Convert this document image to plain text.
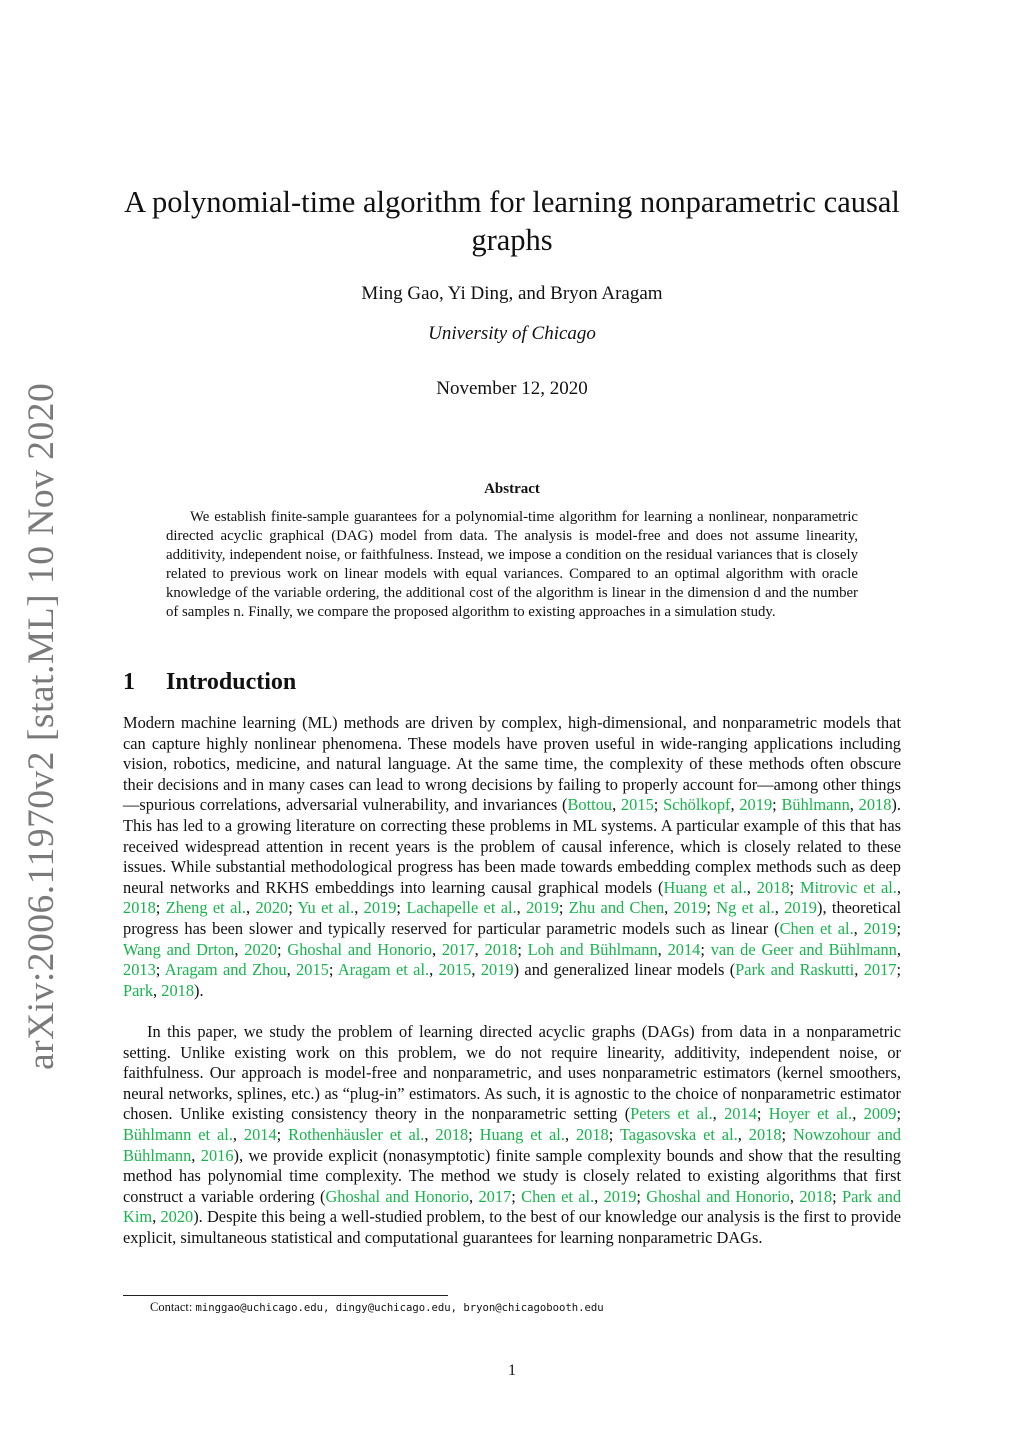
arXiv:2006.11970v2 [stat.ML] 10 Nov 2020
A polynomial-time algorithm for learning nonparametric causal graphs
Ming Gao, Yi Ding, and Bryon Aragam
University of Chicago
November 12, 2020
Abstract

We establish finite-sample guarantees for a polynomial-time algorithm for learning a nonlinear, nonparametric directed acyclic graphical (DAG) model from data. The analysis is model-free and does not assume linearity, additivity, independent noise, or faithfulness. Instead, we impose a condition on the residual variances that is closely related to previous work on linear models with equal variances. Compared to an optimal algorithm with oracle knowledge of the variable ordering, the additional cost of the algorithm is linear in the dimension d and the number of samples n. Finally, we compare the proposed algorithm to existing approaches in a simulation study.

1 Introduction

Modern machine learning (ML) methods are driven by complex, high-dimensional, and nonparametric models that can capture highly nonlinear phenomena. These models have proven useful in wide-ranging applications including vision, robotics, medicine, and natural language. At the same time, the complexity of these methods often obscure their decisions and in many cases can lead to wrong decisions by failing to properly account for—among other things—spurious correlations, adversarial vulnerability, and invariances (Bottou, 2015; Schölkopf, 2019; Bühlmann, 2018). This has led to a growing literature on correcting these problems in ML systems. A particular example of this that has received widespread attention in recent years is the problem of causal inference, which is closely related to these issues. While substantial methodological progress has been made towards embedding complex methods such as deep neural networks and RKHS embeddings into learning causal graphical models (Huang et al., 2018; Mitrovic et al., 2018; Zheng et al., 2020; Yu et al., 2019; Lachapelle et al., 2019; Zhu and Chen, 2019; Ng et al., 2019), theoretical progress has been slower and typically reserved for particular parametric models such as linear (Chen et al., 2019; Wang and Drton, 2020; Ghoshal and Honorio, 2017, 2018; Loh and Bühlmann, 2014; van de Geer and Bühlmann, 2013; Aragam and Zhou, 2015; Aragam et al., 2015, 2019) and generalized linear models (Park and Raskutti, 2017; Park, 2018).

In this paper, we study the problem of learning directed acyclic graphs (DAGs) from data in a nonparametric setting. Unlike existing work on this problem, we do not require linearity, additivity, independent noise, or faithfulness. Our approach is model-free and nonparametric, and uses nonparametric estimators (kernel smoothers, neural networks, splines, etc.) as “plug-in” estimators. As such, it is agnostic to the choice of nonparametric estimator chosen. Unlike existing consistency theory in the nonparametric setting (Peters et al., 2014; Hoyer et al., 2009; Bühlmann et al., 2014; Rothenhäusler et al., 2018; Huang et al., 2018; Tagasovska et al., 2018; Nowzohour and Bühlmann, 2016), we provide explicit (nonasymptotic) finite sample complexity bounds and show that the resulting method has polynomial time complexity. The method we study is closely related to existing algorithms that first construct a variable ordering (Ghoshal and Honorio, 2017; Chen et al., 2019; Ghoshal and Honorio, 2018; Park and Kim, 2020). Despite this being a well-studied problem, to the best of our knowledge our analysis is the first to provide explicit, simultaneous statistical and computational guarantees for learning nonparametric DAGs.

Contact: minggao@uchicago.edu, dingy@uchicago.edu, bryon@chicagobooth.edu
1
